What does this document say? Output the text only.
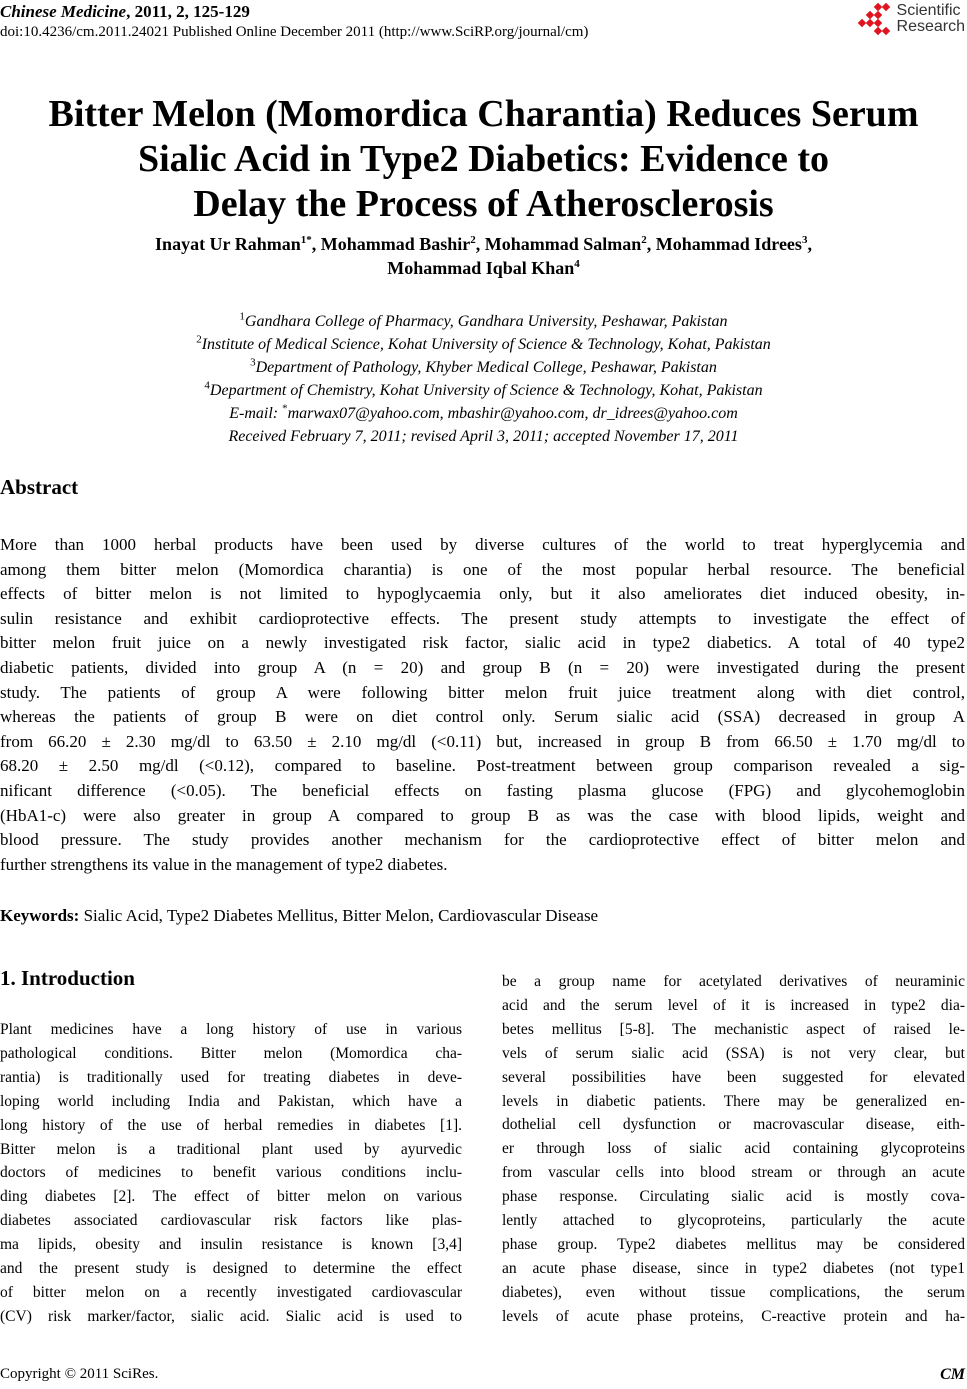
Chinese Medicine, 2011, 2, 125-129
doi:10.4236/cm.2011.24021 Published Online December 2011 (http://www.SciRP.org/journal/cm)
Scientific
Research
Bitter Melon (Momordica Charantia) Reduces Serum
Sialic Acid in Type2 Diabetics: Evidence to
Delay the Process of Atherosclerosis
Inayat Ur Rahman$^{1*}$, Mohammad Bashir$^2$, Mohammad Salman$^2$, Mohammad Idrees$^3$,
Mohammad Iqbal Khan$^4$
$^1$Gandhara College of Pharmacy, Gandhara University, Peshawar, Pakistan
$^2$Institute of Medical Science, Kohat University of Science & Technology, Kohat, Pakistan
$^3$Department of Pathology, Khyber Medical College, Peshawar, Pakistan
$^4$Department of Chemistry, Kohat University of Science & Technology, Kohat, Pakistan
E-mail: *marwax07@yahoo.com, mbashir@yahoo.com, dr_idrees@yahoo.com
Received February 7, 2011; revised April 3, 2011; accepted November 17, 2011
Abstract
More than 1000 herbal products have been used by diverse cultures of the world to treat hyperglycemia and
among them bitter melon (Momordica charantia) is one of the most popular herbal resource. The beneficial
effects of bitter melon is not limited to hypoglycaemia only, but it also ameliorates diet induced obesity, in-
sulin resistance and exhibit cardioprotective effects. The present study attempts to investigate the effect of
bitter melon fruit juice on a newly investigated risk factor, sialic acid in type2 diabetics. A total of 40 type2
diabetic patients, divided into group A (n = 20) and group B (n = 20) were investigated during the present
study. The patients of group A were following bitter melon fruit juice treatment along with diet control,
whereas the patients of group B were on diet control only. Serum sialic acid (SSA) decreased in group A
from 66.20 ± 2.30 mg/dl to 63.50 ± 2.10 mg/dl (<0.11) but, increased in group B from 66.50 ± 1.70 mg/dl to
68.20 ± 2.50 mg/dl (<0.12), compared to baseline. Post-treatment between group comparison revealed a sig-
nificant difference (<0.05). The beneficial effects on fasting plasma glucose (FPG) and glycohemoglobin
(HbA1-c) were also greater in group A compared to group B as was the case with blood lipids, weight and
blood pressure. The study provides another mechanism for the cardioprotective effect of bitter melon and
further strengthens its value in the management of type2 diabetes.
Keywords: Sialic Acid, Type2 Diabetes Mellitus, Bitter Melon, Cardiovascular Disease
1. Introduction
Plant medicines have a long history of use in various
pathological conditions. Bitter melon (Momordica cha-
rantia) is traditionally used for treating diabetes in deve-
loping world including India and Pakistan, which have a
long history of the use of herbal remedies in diabetes [1].
Bitter melon is a traditional plant used by ayurvedic
doctors of medicines to benefit various conditions inclu-
ding diabetes [2]. The effect of bitter melon on various
diabetes associated cardiovascular risk factors like plas-
ma lipids, obesity and insulin resistance is known [3,4]
and the present study is designed to determine the effect
of bitter melon on a recently investigated cardiovascular
(CV) risk marker/factor, sialic acid. Sialic acid is used to
be a group name for acetylated derivatives of neuraminic
acid and the serum level of it is increased in type2 dia-
betes mellitus [5-8]. The mechanistic aspect of raised le-
vels of serum sialic acid (SSA) is not very clear, but
several possibilities have been suggested for elevated
levels in diabetic patients. There may be generalized en-
dothelial cell dysfunction or macrovascular disease, eith-
er through loss of sialic acid containing glycoproteins
from vascular cells into blood stream or through an acute
phase response. Circulating sialic acid is mostly cova-
lently attached to glycoproteins, particularly the acute
phase group. Type2 diabetes mellitus may be considered
an acute phase disease, since in type2 diabetes (not type1
diabetes), even without tissue complications, the serum
levels of acute phase proteins, C-reactive protein and ha-
Copyright © 2011 SciRes.	CM
